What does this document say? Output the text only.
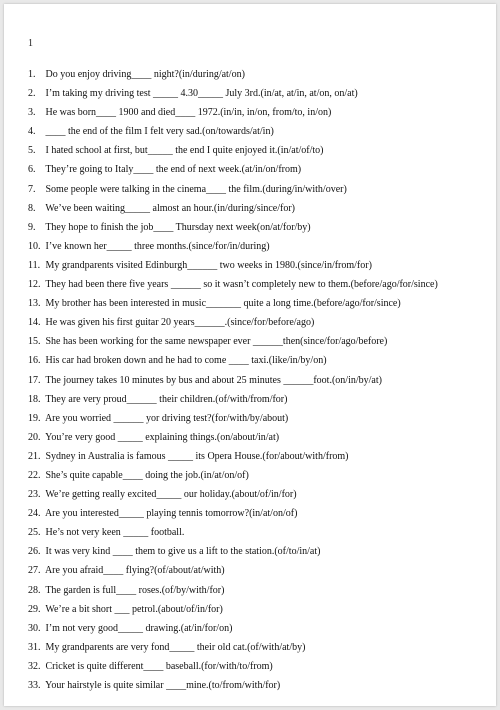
1
1. Do you enjoy driving____ night?(in/during/at/on)
2. I’m taking my driving test _____ 4.30_____ July 3rd.(in/at, at/in, at/on, on/at)
3. He was born____ 1900 and died____ 1972.(in/in, in/on, from/to, in/on)
4. ____ the end of the film I felt very sad.(on/towards/at/in)
5. I hated school at first, but_____ the end I quite enjoyed it.(in/at/of/to)
6. They’re going to Italy____ the end of next week.(at/in/on/from)
7. Some people were talking in the cinema____ the film.(during/in/with/over)
8. We’ve been waiting_____ almost an hour.(in/during/since/for)
9. They hope to finish the job____ Thursday next week(on/at/for/by)
10. I’ve known her_____ three months.(since/for/in/during)
11. My grandparents visited Edinburgh______ two weeks in 1980.(since/in/from/for)
12. They had been there five years ______ so it wasn’t completely new to them.(before/ago/for/since)
13. My brother has been interested in music_______ quite a long time.(before/ago/for/since)
14. He was given his first guitar 20 years______.(since/for/before/ago)
15. She has been working for the same newspaper ever ______then(since/for/ago/before)
16. His car had broken down and he had to come ____ taxi.(like/in/by/on)
17. The journey takes 10 minutes by bus and about 25 minutes ______foot.(on/in/by/at)
18. They are very proud______ their children.(of/with/from/for)
19. Are you worried ______ yor driving test?(for/with/by/about)
20. You’re very good _____ explaining things.(on/about/in/at)
21. Sydney in Australia is famous _____ its Opera House.(for/about/with/from)
22. She’s quite capable____ doing the job.(in/at/on/of)
23. We’re getting really excited_____ our holiday.(about/of/in/for)
24. Are you interested_____ playing tennis tomorrow?(in/at/on/of)
25. He’s not very keen _____ football.
26. It was very kind ____ them to give us a lift to the station.(of/to/in/at)
27. Are you afraid____ flying?(of/about/at/with)
28. The garden is full____ roses.(of/by/with/for)
29. We’re a bit short ___ petrol.(about/of/in/for)
30. I’m not very good_____ drawing.(at/in/for/on)
31. My grandparents are very fond_____ their old cat.(of/with/at/by)
32. Cricket is quite different____ baseball.(for/with/to/from)
33. Your hairstyle is quite similar ____mine.(to/from/with/for)
